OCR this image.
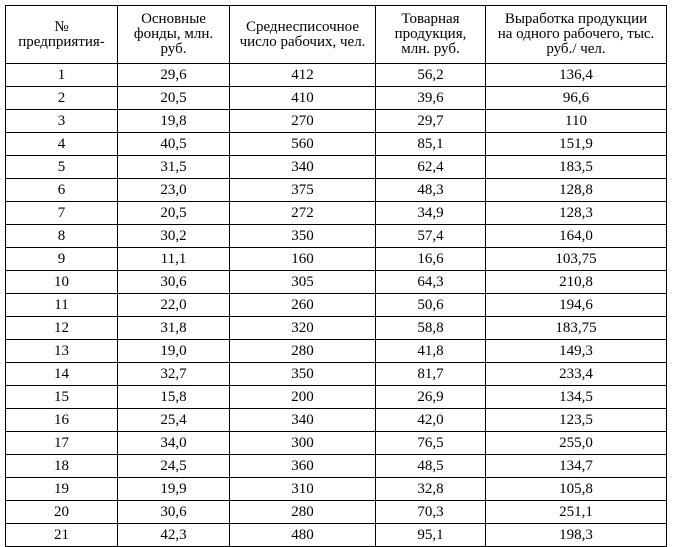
№
предприятия-	Основные
фонды, млн.
руб.	Среднесписочное
число рабочих, чел.	Товарная
продукция,
млн. руб.	Выработка продукции
на одного рабочего, тыс.
руб./ чел.

1	29,6	412	56,2	136,4
2	20,5	410	39,6	96,6
3	19,8	270	29,7	110
4	40,5	560	85,1	151,9
5	31,5	340	62,4	183,5
6	23,0	375	48,3	128,8
7	20,5	272	34,9	128,3
8	30,2	350	57,4	164,0
9	11,1	160	16,6	103,75
10	30,6	305	64,3	210,8
11	22,0	260	50,6	194,6
12	31,8	320	58,8	183,75
13	19,0	280	41,8	149,3
14	32,7	350	81,7	233,4
15	15,8	200	26,9	134,5
16	25,4	340	42,0	123,5
17	34,0	300	76,5	255,0
18	24,5	360	48,5	134,7
19	19,9	310	32,8	105,8
20	30,6	280	70,3	251,1
21	42,3	480	95,1	198,3
